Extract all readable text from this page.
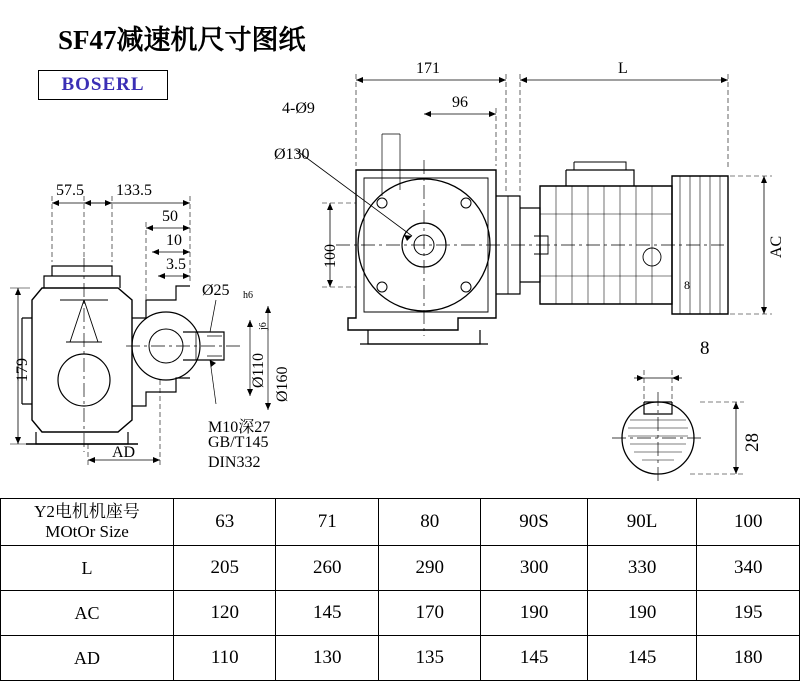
SF47减速机尺寸图纸
BOSERL
179
57.5 133.5
50
10
3.5
AD
Ø25 h6
Ø110
j6
Ø160
M10深27
GB/T145
DIN332
171	L
96
4-Ø9
Ø130
100	AC
8
8
28
Y2电机机座号
MOtOr Size	63	71	80	90S	90L	100
L	205	260	290	300	330	340
AC	120	145	170	190	190	195
AD	110	130	135	145	145	180
